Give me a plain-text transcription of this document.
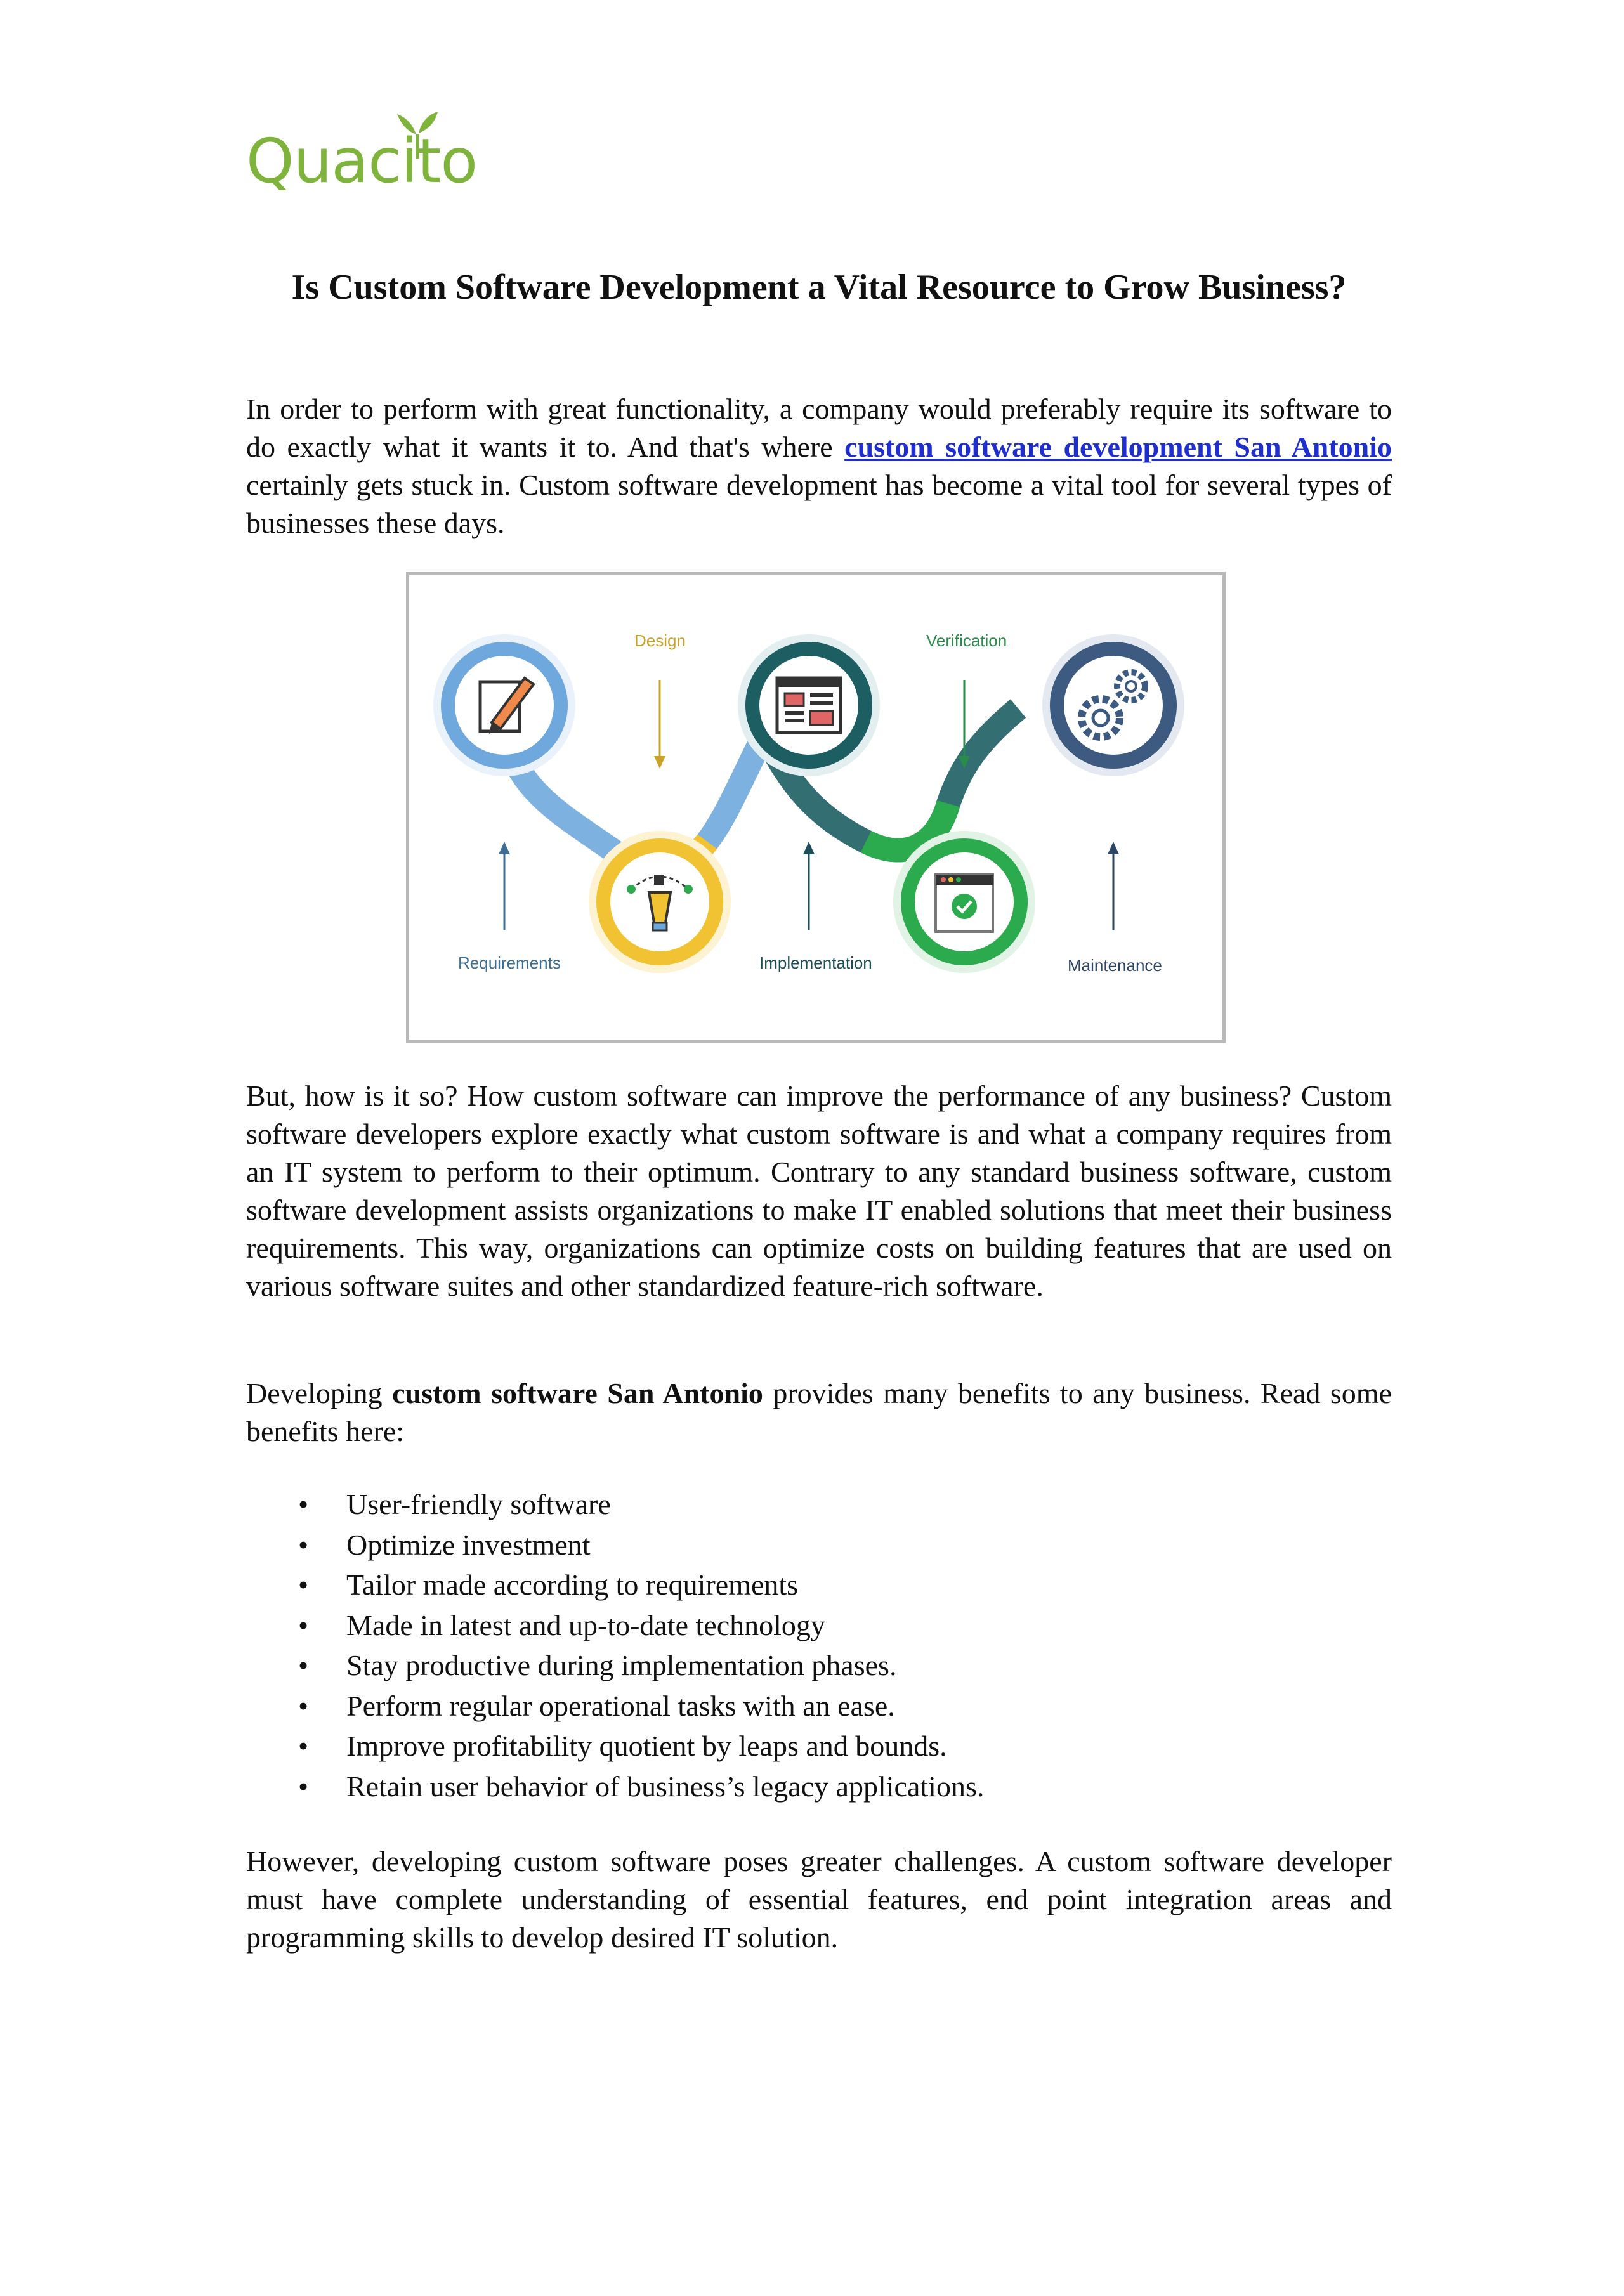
Quacito
Is Custom Software Development a Vital Resource to Grow Business?
In order to perform with great functionality, a company would preferably require its software to do exactly what it wants it to. And that's where custom software development San Antonio certainly gets stuck in. Custom software development has become a vital tool for several types of businesses these days.
Design	Verification
Requirements	Implementation	Maintenance
But, how is it so? How custom software can improve the performance of any business? Custom software developers explore exactly what custom software is and what a company requires from an IT system to perform to their optimum. Contrary to any standard business software, custom software development assists organizations to make IT enabled solutions that meet their business requirements. This way, organizations can optimize costs on building features that are used on various software suites and other standardized feature-rich software.
Developing custom software San Antonio provides many benefits to any business. Read some benefits here:
• User-friendly software
• Optimize investment
• Tailor made according to requirements
• Made in latest and up-to-date technology
• Stay productive during implementation phases.
• Perform regular operational tasks with an ease.
• Improve profitability quotient by leaps and bounds.
• Retain user behavior of business’s legacy applications.
However, developing custom software poses greater challenges. A custom software developer must have complete understanding of essential features, end point integration areas and programming skills to develop desired IT solution.
